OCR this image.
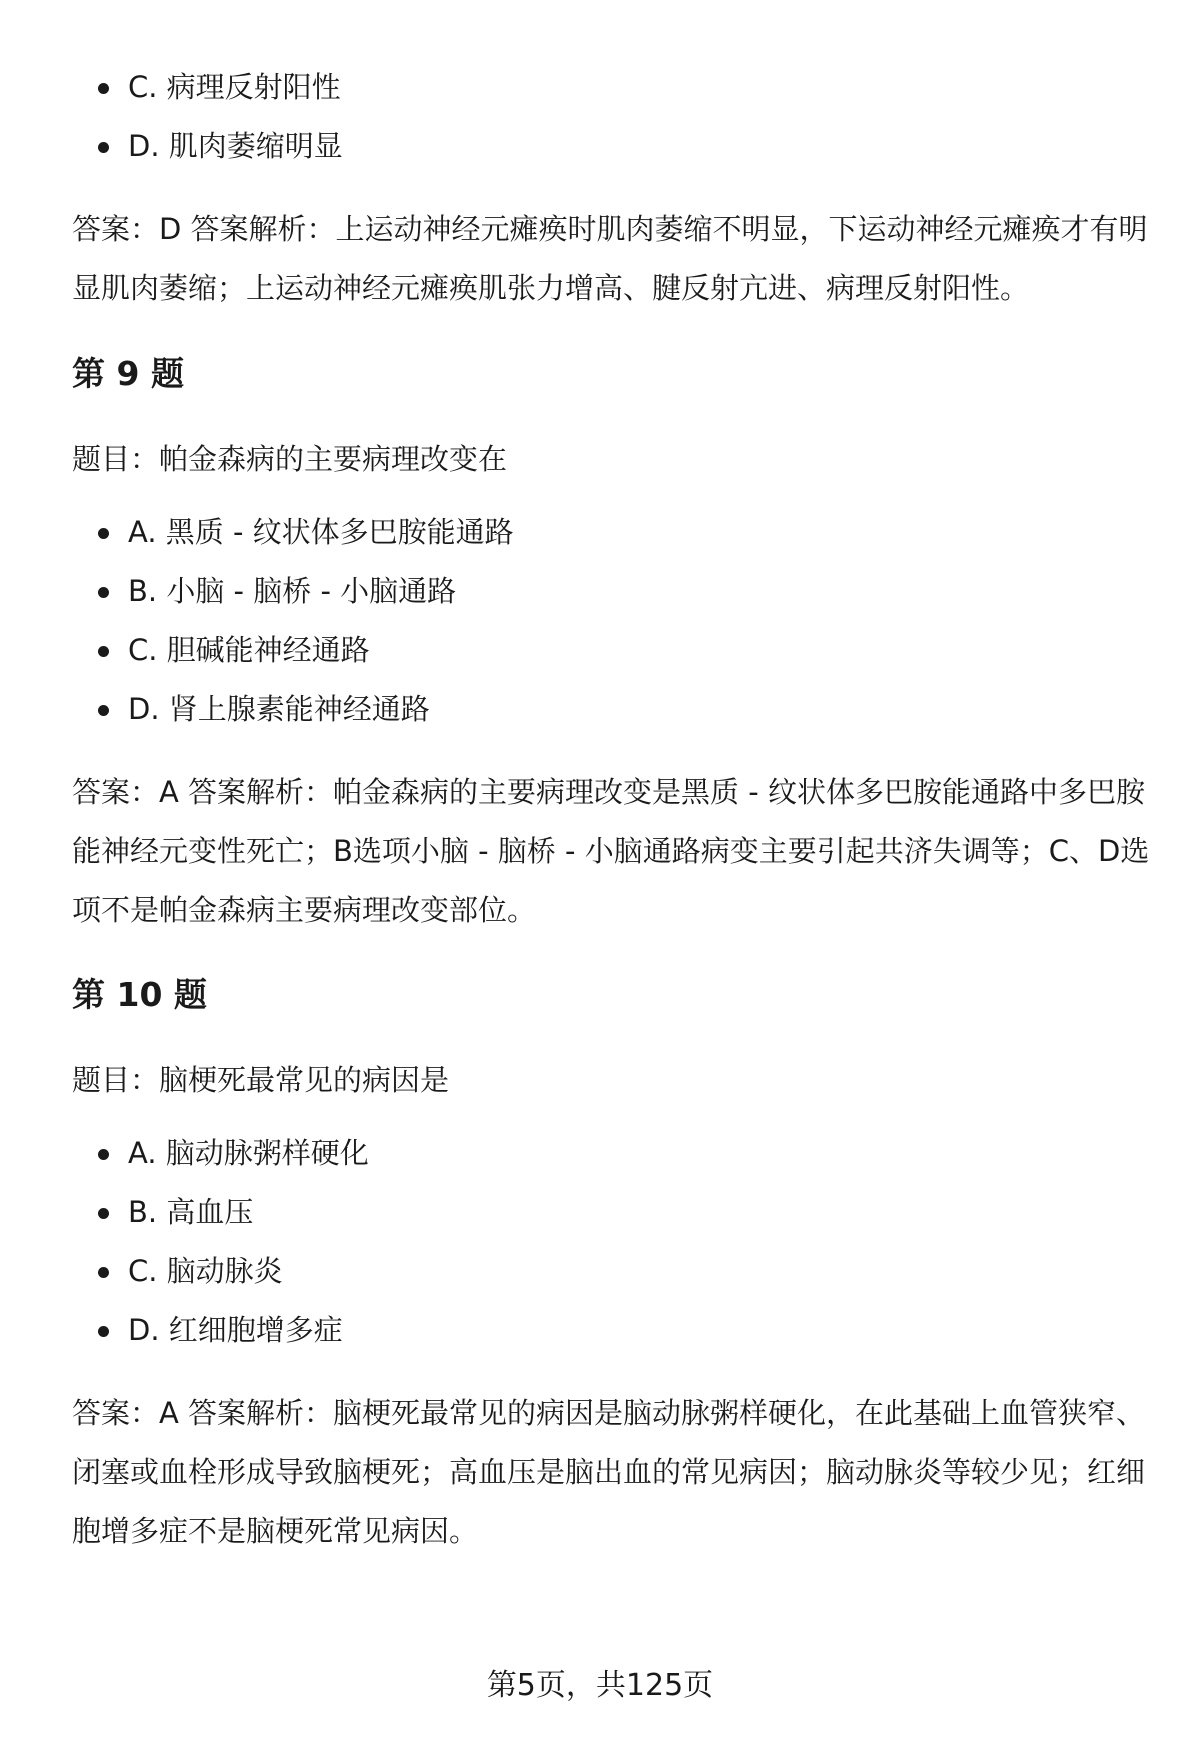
C. 病理反射阳性
D. 肌肉萎缩明显

答案：D 答案解析：上运动神经元瘫痪时肌肉萎缩不明显，下运动神经元瘫痪才有明显肌肉萎缩；上运动神经元瘫痪肌张力增高、腱反射亢进、病理反射阳性。

第 9 题

题目：帕金森病的主要病理改变在

A. 黑质 - 纹状体多巴胺能通路
B. 小脑 - 脑桥 - 小脑通路
C. 胆碱能神经通路
D. 肾上腺素能神经通路

答案：A 答案解析：帕金森病的主要病理改变是黑质 - 纹状体多巴胺能通路中多巴胺能神经元变性死亡；B选项小脑 - 脑桥 - 小脑通路病变主要引起共济失调等；C、D选项不是帕金森病主要病理改变部位。

第 10 题

题目：脑梗死最常见的病因是

A. 脑动脉粥样硬化
B. 高血压
C. 脑动脉炎
D. 红细胞增多症

答案：A 答案解析：脑梗死最常见的病因是脑动脉粥样硬化，在此基础上血管狭窄、闭塞或血栓形成导致脑梗死；高血压是脑出血的常见病因；脑动脉炎等较少见；红细胞增多症不是脑梗死常见病因。

第5页，共125页
